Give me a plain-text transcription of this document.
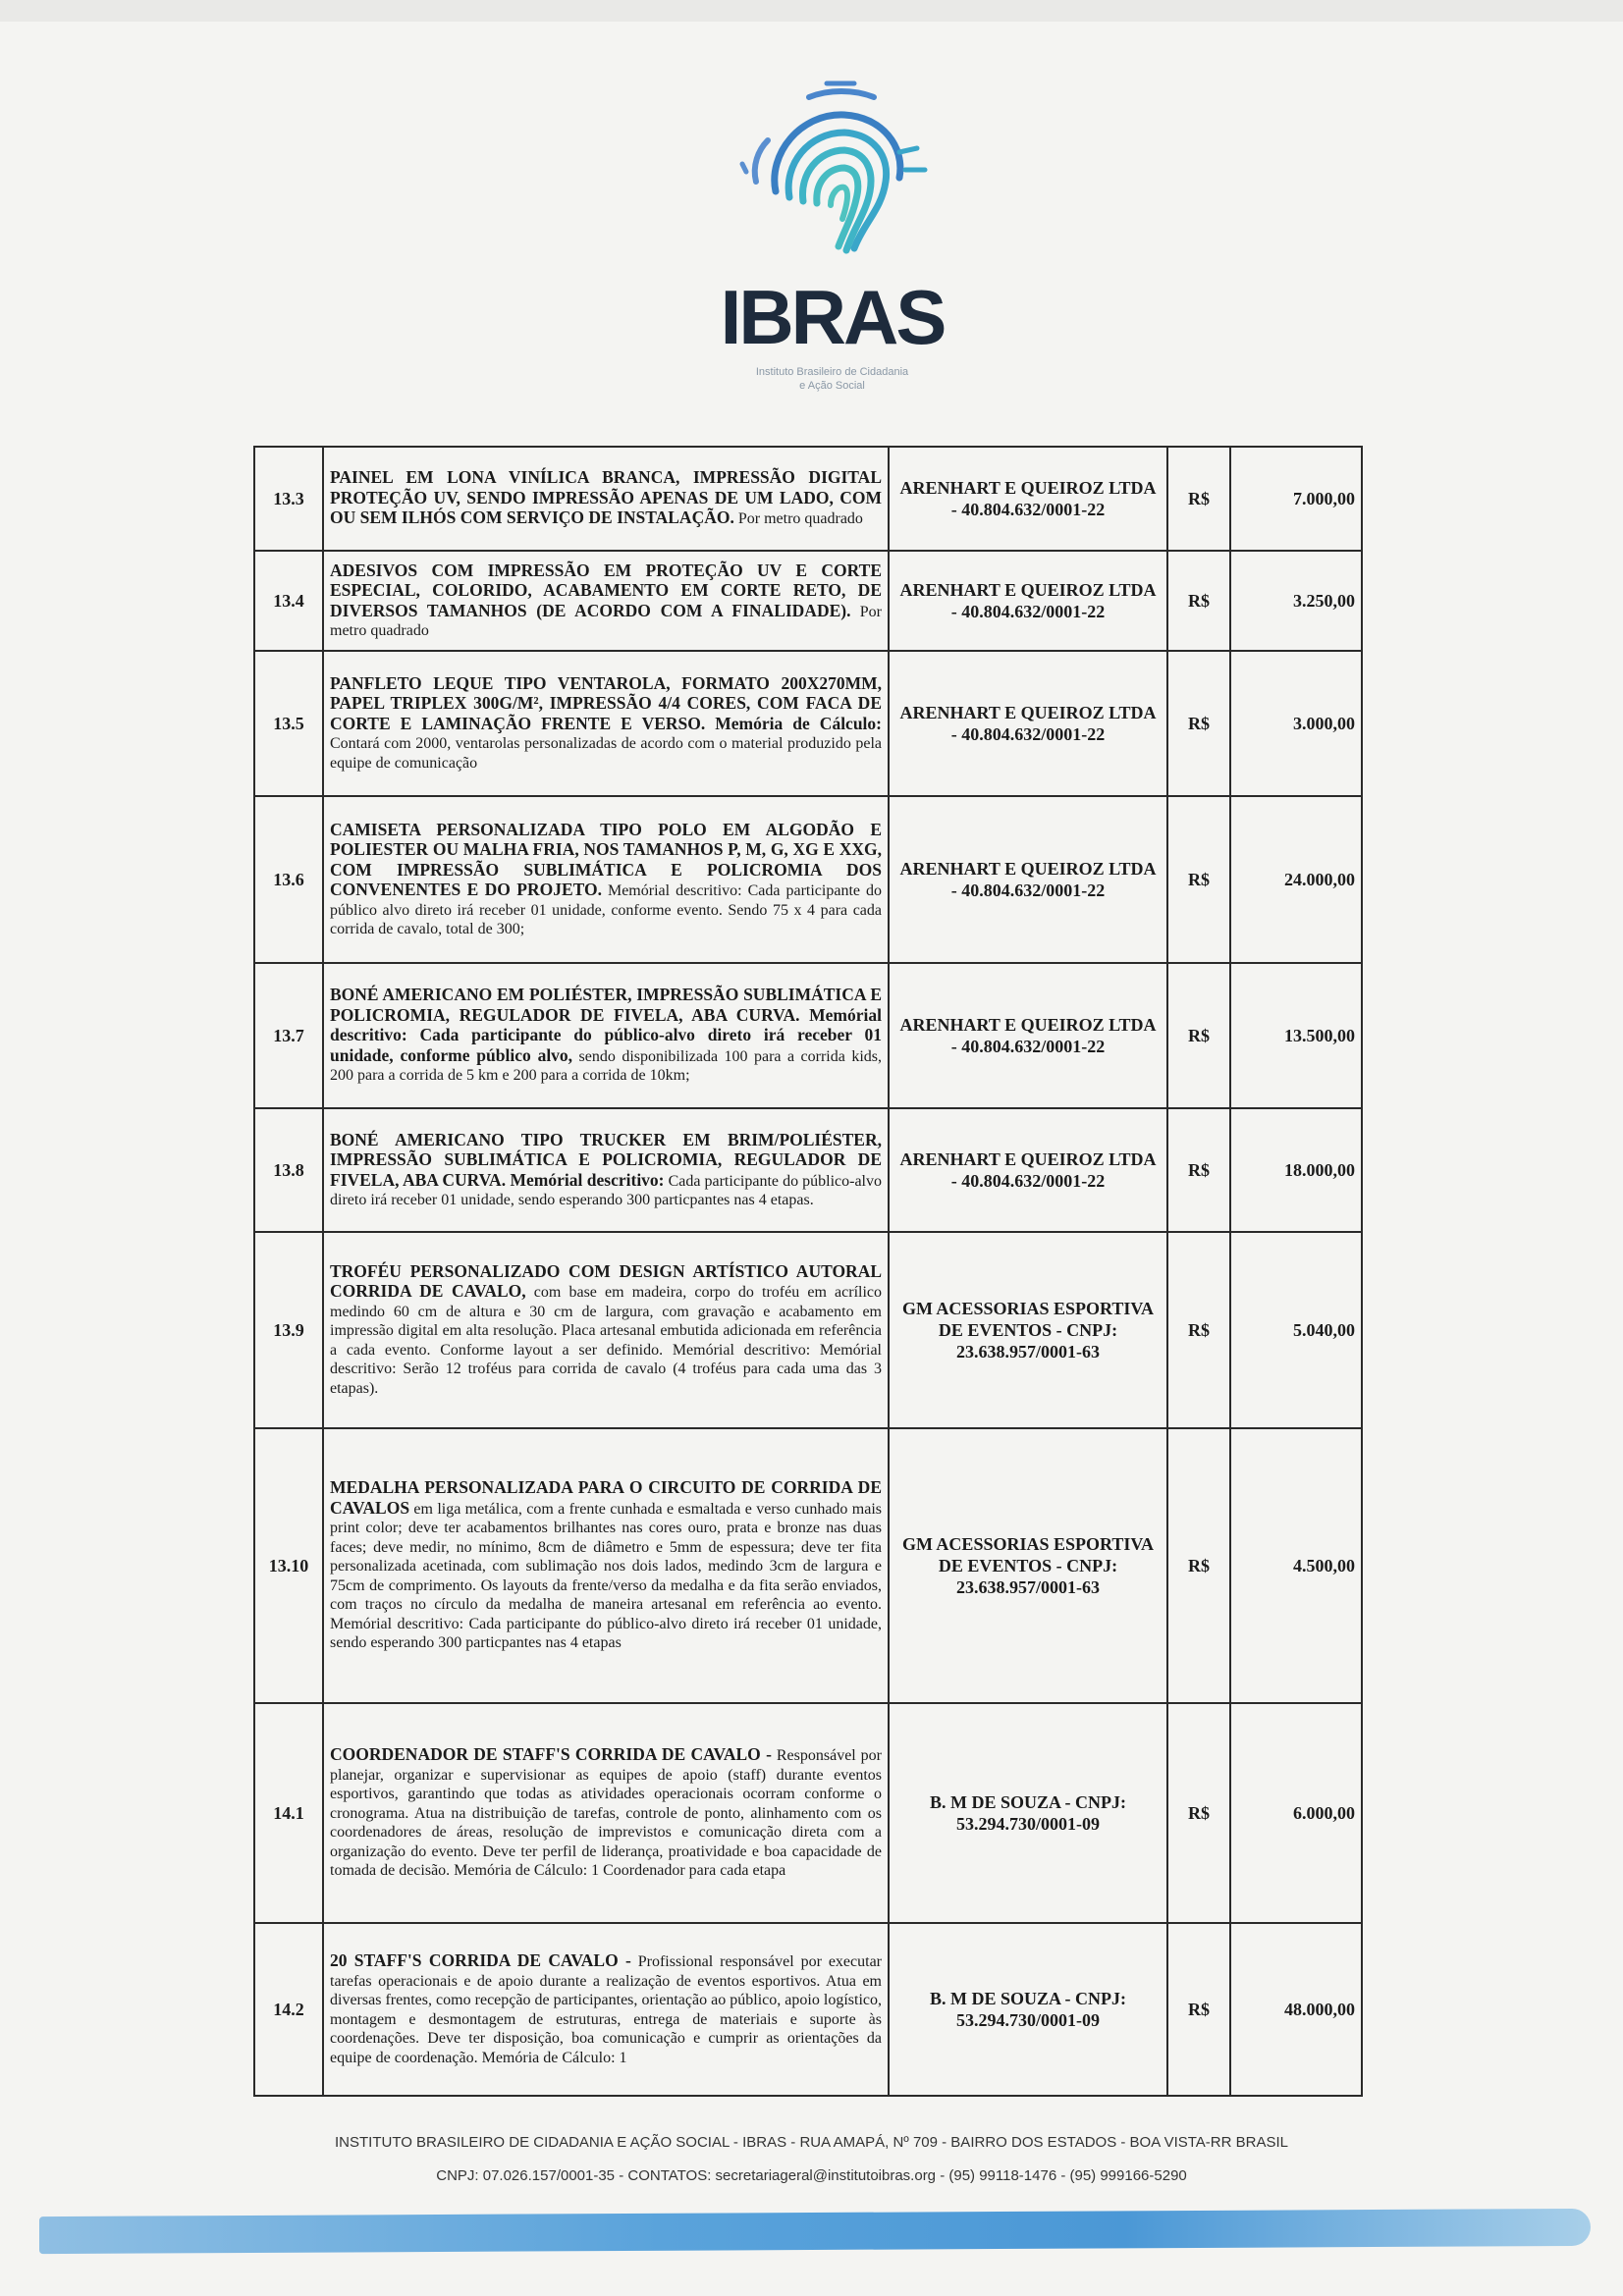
IBRAS
Instituto Brasileiro de Cidadania
e Ação Social
13.3	PAINEL EM LONA VINÍLICA BRANCA, IMPRESSÃO DIGITAL PROTEÇÃO UV, SENDO IMPRESSÃO APENAS DE UM LADO, COM OU SEM ILHÓS COM SERVIÇO DE INSTALAÇÃO. Por metro quadrado	ARENHART E QUEIROZ LTDA - 40.804.632/0001-22	R$	7.000,00
13.4	ADESIVOS COM IMPRESSÃO EM PROTEÇÃO UV E CORTE ESPECIAL, COLORIDO, ACABAMENTO EM CORTE RETO, DE DIVERSOS TAMANHOS (DE ACORDO COM A FINALIDADE). Por metro quadrado	ARENHART E QUEIROZ LTDA - 40.804.632/0001-22	R$	3.250,00
13.5	PANFLETO LEQUE TIPO VENTAROLA, FORMATO 200X270MM, PAPEL TRIPLEX 300G/M², IMPRESSÃO 4/4 CORES, COM FACA DE CORTE E LAMINAÇÃO FRENTE E VERSO. Memória de Cálculo: Contará com 2000, ventarolas personalizadas de acordo com o material produzido pela equipe de comunicação	ARENHART E QUEIROZ LTDA - 40.804.632/0001-22	R$	3.000,00
13.6	CAMISETA PERSONALIZADA TIPO POLO EM ALGODÃO E POLIESTER OU MALHA FRIA, NOS TAMANHOS P, M, G, XG E XXG, COM IMPRESSÃO SUBLIMÁTICA E POLICROMIA DOS CONVENENTES E DO PROJETO. Memórial descritivo: Cada participante do público alvo direto irá receber 01 unidade, conforme evento. Sendo 75 x 4 para cada corrida de cavalo, total de 300;	ARENHART E QUEIROZ LTDA - 40.804.632/0001-22	R$	24.000,00
13.7	BONÉ AMERICANO EM POLIÉSTER, IMPRESSÃO SUBLIMÁTICA E POLICROMIA, REGULADOR DE FIVELA, ABA CURVA. Memórial descritivo: Cada participante do público-alvo direto irá receber 01 unidade, conforme público alvo, sendo disponibilizada 100 para a corrida kids, 200 para a corrida de 5 km e 200 para a corrida de 10km;	ARENHART E QUEIROZ LTDA - 40.804.632/0001-22	R$	13.500,00
13.8	BONÉ AMERICANO TIPO TRUCKER EM BRIM/POLIÉSTER, IMPRESSÃO SUBLIMÁTICA E POLICROMIA, REGULADOR DE FIVELA, ABA CURVA. Memórial descritivo: Cada participante do público-alvo direto irá receber 01 unidade, sendo esperando 300 particpantes nas 4 etapas.	ARENHART E QUEIROZ LTDA - 40.804.632/0001-22	R$	18.000,00
13.9	TROFÉU PERSONALIZADO COM DESIGN ARTÍSTICO AUTORAL CORRIDA DE CAVALO, com base em madeira, corpo do troféu em acrílico medindo 60 cm de altura e 30 cm de largura, com gravação e acabamento em impressão digital em alta resolução. Placa artesanal embutida adicionada em referência a cada evento. Conforme layout a ser definido. Memórial descritivo: Memórial descritivo: Serão 12 troféus para corrida de cavalo (4 troféus para cada uma das 3 etapas).	GM ACESSORIAS ESPORTIVA DE EVENTOS - CNPJ: 23.638.957/0001-63	R$	5.040,00
13.10	MEDALHA PERSONALIZADA PARA O CIRCUITO DE CORRIDA DE CAVALOS em liga metálica, com a frente cunhada e esmaltada e verso cunhado mais print color; deve ter acabamentos brilhantes nas cores ouro, prata e bronze nas duas faces; deve medir, no mínimo, 8cm de diâmetro e 5mm de espessura; deve ter fita personalizada acetinada, com sublimação nos dois lados, medindo 3cm de largura e 75cm de comprimento. Os layouts da frente/verso da medalha e da fita serão enviados, com traços no círculo da medalha de maneira artesanal em referência ao evento. Memórial descritivo: Cada participante do público-alvo direto irá receber 01 unidade, sendo esperando 300 particpantes nas 4 etapas	GM ACESSORIAS ESPORTIVA DE EVENTOS - CNPJ: 23.638.957/0001-63	R$	4.500,00
14.1	COORDENADOR DE STAFF'S CORRIDA DE CAVALO - Responsável por planejar, organizar e supervisionar as equipes de apoio (staff) durante eventos esportivos, garantindo que todas as atividades operacionais ocorram conforme o cronograma. Atua na distribuição de tarefas, controle de ponto, alinhamento com os coordenadores de áreas, resolução de imprevistos e comunicação direta com a organização do evento. Deve ter perfil de liderança, proatividade e boa capacidade de tomada de decisão. Memória de Cálculo: 1 Coordenador para cada etapa	B. M DE SOUZA - CNPJ: 53.294.730/0001-09	R$	6.000,00
14.2	20 STAFF'S CORRIDA DE CAVALO - Profissional responsável por executar tarefas operacionais e de apoio durante a realização de eventos esportivos. Atua em diversas frentes, como recepção de participantes, orientação ao público, apoio logístico, montagem e desmontagem de estruturas, entrega de materiais e suporte às coordenações. Deve ter disposição, boa comunicação e cumprir as orientações da equipe de coordenação. Memória de Cálculo: 1	B. M DE SOUZA - CNPJ: 53.294.730/0001-09	R$	48.000,00
INSTITUTO BRASILEIRO DE CIDADANIA E AÇÃO SOCIAL - IBRAS - RUA AMAPÁ, Nº 709 - BAIRRO DOS ESTADOS - BOA VISTA-RR BRASIL
CNPJ: 07.026.157/0001-35 - CONTATOS: secretariageral@institutoibras.org - (95) 99118-1476 - (95) 999166-5290
